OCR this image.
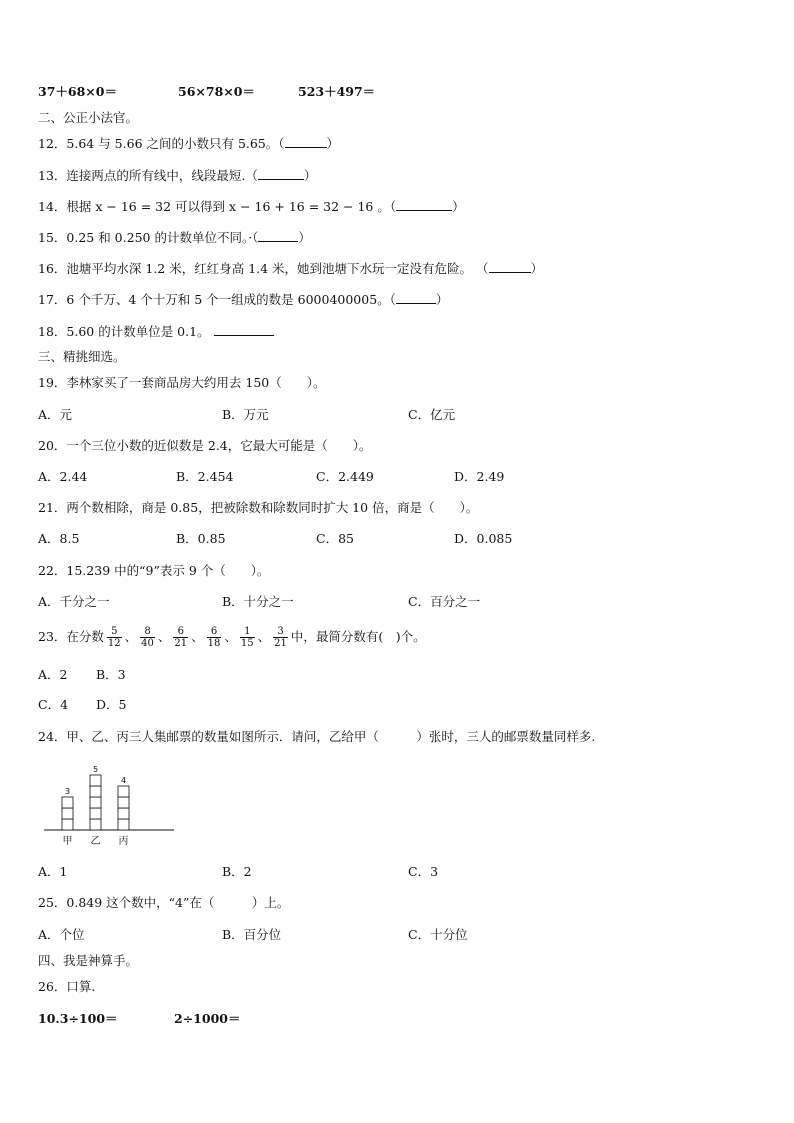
37＋68×0＝	56×78×0＝	523＋497＝
二、公正小法官。
12．5.64 与 5.66 之间的小数只有 5.65。（	）
13．连接两点的所有线中，线段最短.（	）
14．根据 x − 16 = 32 可以得到 x − 16 + 16 = 32 − 16 。（	）
15．0.25 和 0.250 的计数单位不同。·（	）
16．池塘平均水深 1.2 米，红红身高 1.4 米，她到池塘下水玩一定没有危险。 （	）
17．6 个千万、4 个十万和 5 个一组成的数是 6000400005。（	）
18．5.60 的计数单位是 0.1。
三、精挑细选。
19．李林家买了一套商品房大约用去 150（　　）。
A．元	B．万元	C．亿元
20．一个三位小数的近似数是 2.4，它最大可能是（　　）。
A．2.44	B．2.454	C．2.449	D．2.49
21．两个数相除，商是 0.85，把被除数和除数同时扩大 10 倍，商是（　　）。
A．8.5	B．0.85	C．85	D．0.085
22．15.239 中的“9”表示 9 个（　　）。
A．千分之一	B．十分之一	C．百分之一
23．在分数 $\frac{5}{12}$ 、 $\frac{8}{40}$ 、 $\frac{6}{21}$ 、 $\frac{6}{18}$ 、 $\frac{1}{15}$ 、 $\frac{3}{21}$ 中，最简分数有(　)个。
A．2 B．3
C．4 D．5
24．甲、乙、丙三人集邮票的数量如图所示．请问，乙给甲（　　　）张时，三人的邮票数量同样多.
3
甲
5
乙
4
丙
A．1	B．2	C．3
25．0.849 这个数中，“4”在（　　　）上。
A．个位	B．百分位	C．十分位
四、我是神算手。
26．口算.
10.3÷100＝	2÷1000＝
